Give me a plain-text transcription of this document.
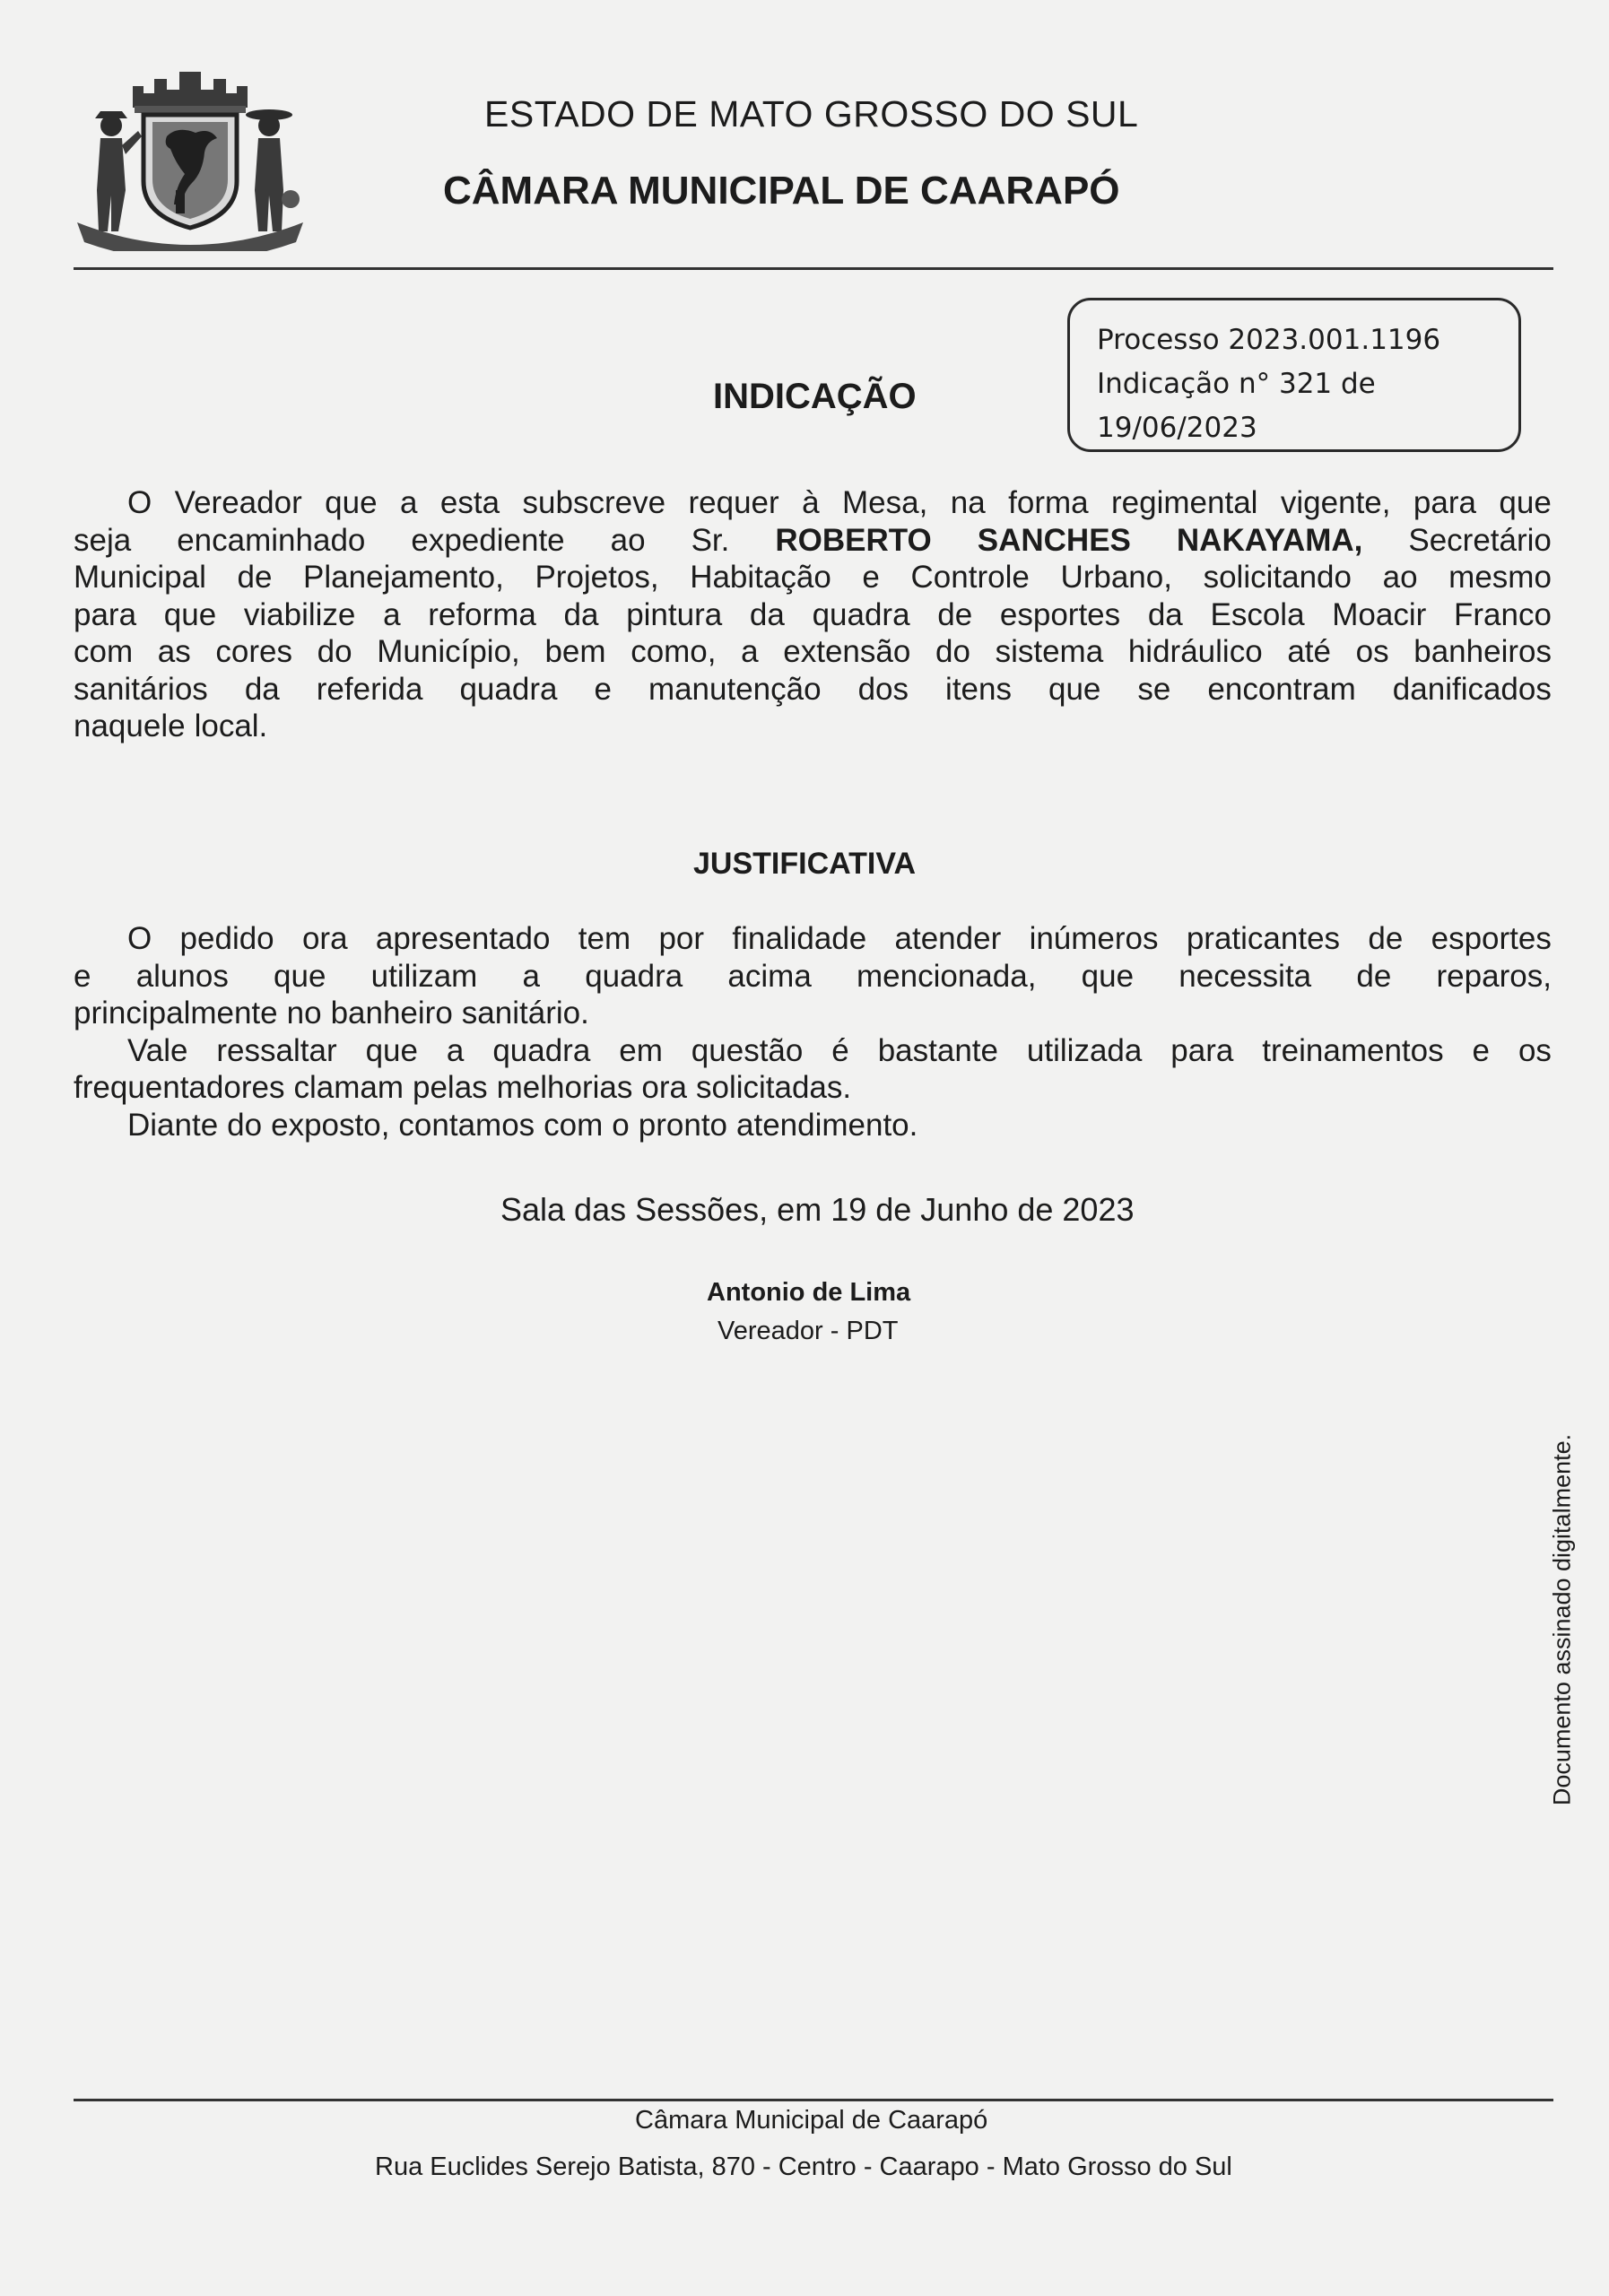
ESTADO DE MATO GROSSO DO SUL
CÂMARA MUNICIPAL DE CAARAPÓ
Processo 2023.001.1196
Indicação n° 321 de
19/06/2023
INDICAÇÃO
O Vereador que a esta subscreve requer à Mesa, na forma regimental vigente, para que
seja encaminhado expediente ao Sr. ROBERTO SANCHES NAKAYAMA, Secretário
Municipal de Planejamento, Projetos, Habitação e Controle Urbano, solicitando ao mesmo
para que viabilize a reforma da pintura da quadra de esportes da Escola Moacir Franco
com as cores do Município, bem como, a extensão do sistema hidráulico até os banheiros
sanitários da referida quadra e manutenção dos itens que se encontram danificados
naquele local.
JUSTIFICATIVA
O pedido ora apresentado tem por finalidade atender inúmeros praticantes de esportes
e alunos que utilizam a quadra acima mencionada, que necessita de reparos,
principalmente no banheiro sanitário.
Vale ressaltar que a quadra em questão é bastante utilizada para treinamentos e os
frequentadores clamam pelas melhorias ora solicitadas.
Diante do exposto, contamos com o pronto atendimento.
Sala das Sessões, em 19 de Junho de 2023
Antonio de Lima
Vereador - PDT
Documento assinado digitalmente.
Câmara Municipal de Caarapó
Rua Euclides Serejo Batista, 870 - Centro - Caarapo - Mato Grosso do Sul
